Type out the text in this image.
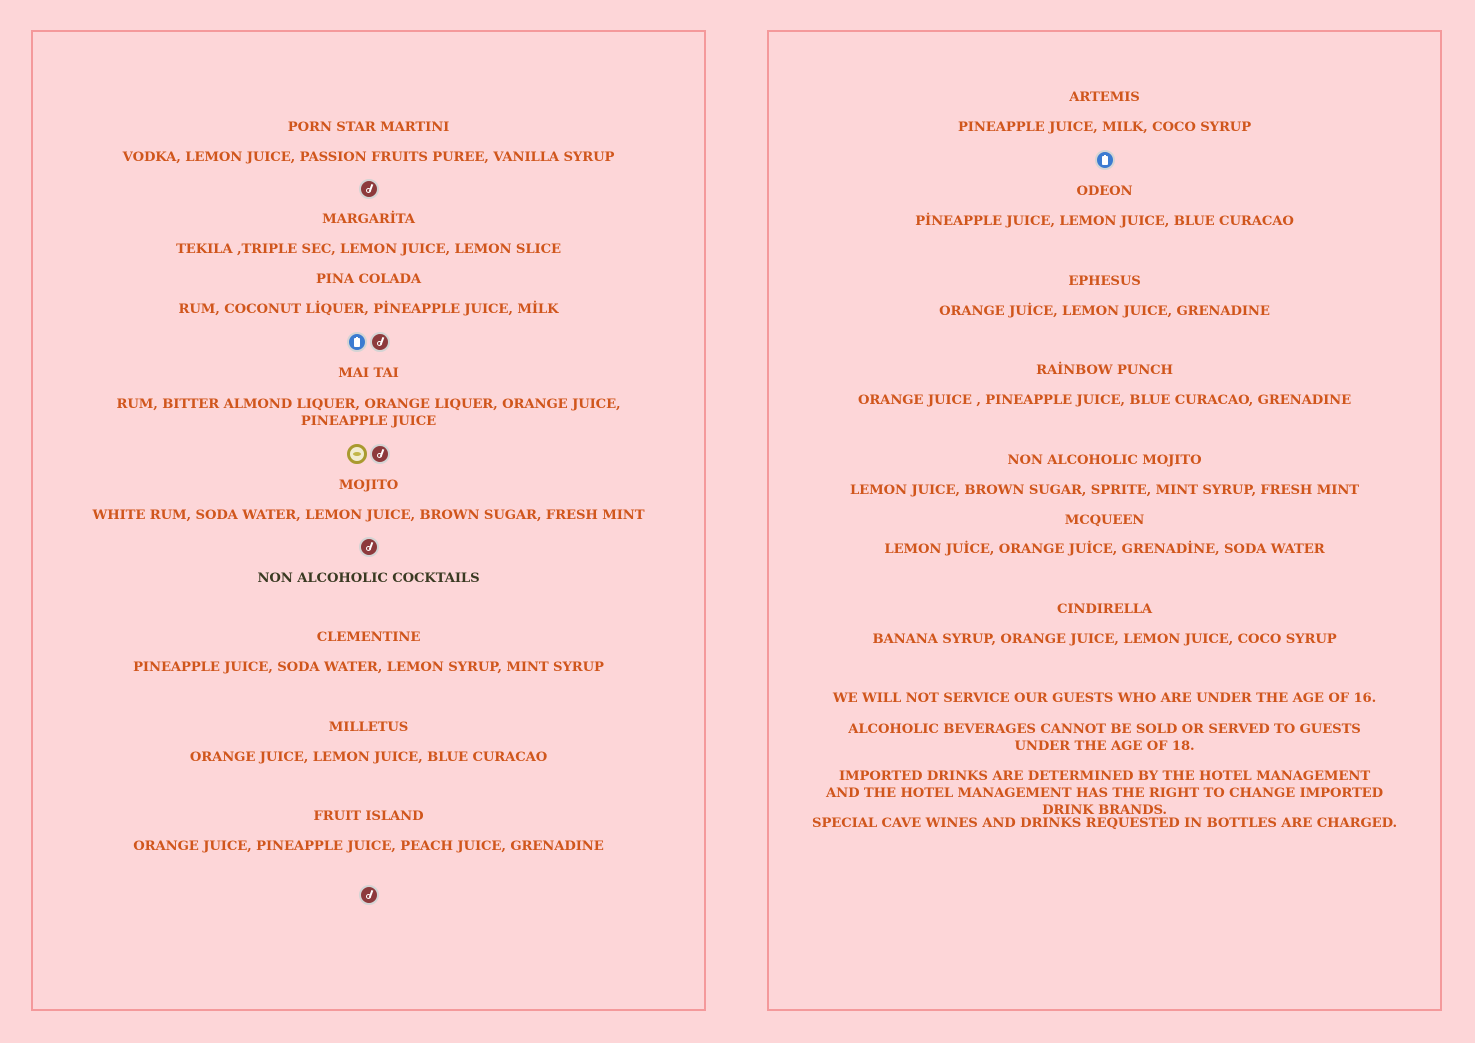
PORN STAR MARTINI
VODKA, LEMON JUICE, PASSION FRUITS PUREE, VANILLA SYRUP
MARGARİTA
TEKILA ,TRIPLE SEC, LEMON JUICE, LEMON SLICE
PINA COLADA
RUM, COCONUT LİQUER, PİNEAPPLE JUICE, MİLK
MAI TAI
RUM, BITTER ALMOND LIQUER, ORANGE LIQUER, ORANGE JUICE, PINEAPPLE JUICE
MOJITO
WHITE RUM, SODA WATER, LEMON JUICE, BROWN SUGAR, FRESH MINT
NON ALCOHOLIC COCKTAILS
CLEMENTINE
PINEAPPLE JUICE, SODA WATER, LEMON SYRUP, MINT SYRUP
MILLETUS
ORANGE JUICE, LEMON JUICE, BLUE CURACAO
FRUIT ISLAND
ORANGE JUICE, PINEAPPLE JUICE, PEACH JUICE, GRENADINE
ARTEMIS
PINEAPPLE JUICE, MILK, COCO SYRUP
ODEON
PİNEAPPLE JUICE, LEMON JUICE, BLUE CURACAO
EPHESUS
ORANGE JUİCE, LEMON JUICE, GRENADINE
RAİNBOW PUNCH
ORANGE JUICE , PINEAPPLE JUICE, BLUE CURACAO, GRENADINE
NON ALCOHOLIC MOJITO
LEMON JUICE, BROWN SUGAR, SPRITE, MINT SYRUP, FRESH MINT
MCQUEEN
LEMON JUİCE, ORANGE JUİCE, GRENADİNE, SODA WATER
CINDIRELLA
BANANA SYRUP, ORANGE JUICE, LEMON JUICE, COCO SYRUP
WE WILL NOT SERVICE OUR GUESTS WHO ARE UNDER THE AGE OF 16.
ALCOHOLIC BEVERAGES CANNOT BE SOLD OR SERVED TO GUESTS UNDER THE AGE OF 18.
IMPORTED DRINKS ARE DETERMINED BY THE HOTEL MANAGEMENT AND THE HOTEL MANAGEMENT HAS THE RIGHT TO CHANGE IMPORTED DRINK BRANDS.
SPECIAL CAVE WINES AND DRINKS REQUESTED IN BOTTLES ARE CHARGED.
